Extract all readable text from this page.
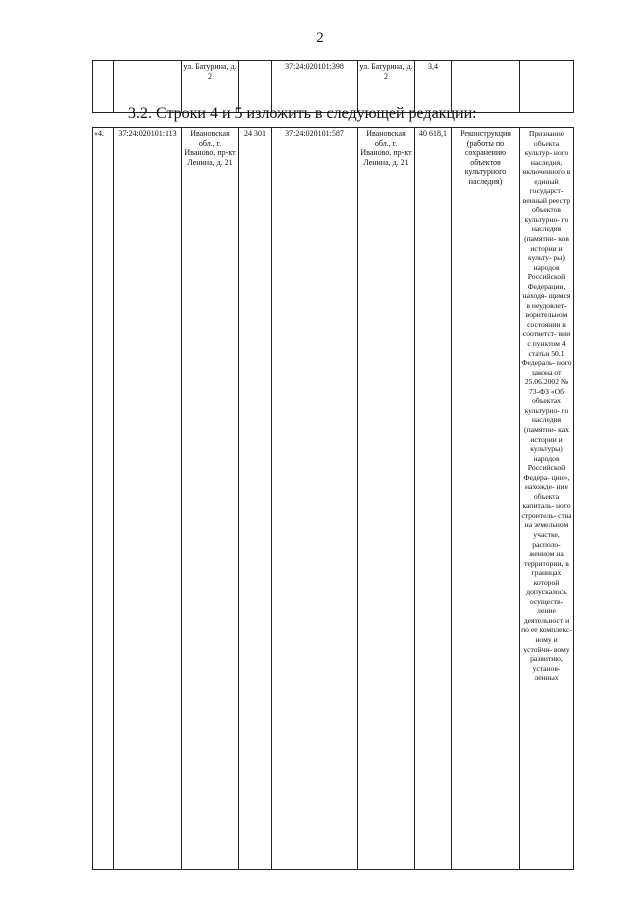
2
		ул. Батурина, д. 2		37:24:020101:398	ул. Батурина, д. 2	3,4		
3.2. Строки 4 и 5 изложить в следующей редакции:
«4.	37:24:020101:113	Ивановская обл., г. Иваново, пр-кт Ленина, д. 21	24 301	37:24:020101:587	Ивановская обл., г. Иваново, пр-кт Ленина, д. 21	40 618,1	Реконструкция (работы по сохранению объектов культурного наследия)	Признание объекта культур- ного наследия, включенного в единый государст- венный реестр объектов культурно- го наследия (памятни- ков истории и культу- ры) народов Российской Федерации, находя- щимся в неудовлет- ворительном состоянии в соответст- вии с пунктом 4 статьи 50.1 Федераль- ного закона от 25.06.2002 № 73-ФЗ «Об объектах культурно- го наследия (памятни- ках истории и культуры) народов Российской Федера- ции», нахожде- ние объекта капиталь- ного строитель- ства на земельном участке, располо- женном на территории, в границах которой допускалось осуществ- ление деятельност и по ее комплекс- ному и устойчи- вому развитию, установ- ленных
